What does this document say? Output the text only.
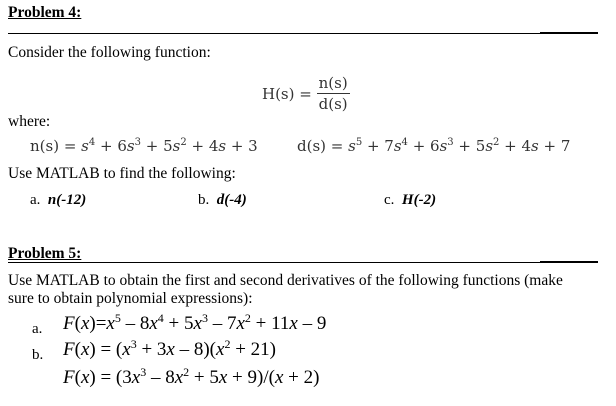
Problem 4:
Consider the following function:
$H(s) = \frac{n(s)}{d(s)}$
where:
$n(s) = s^4 + 6s^3 + 5s^2 + 4s + 3$	$d(s) = s^5 + 7s^4 + 6s^3 + 5s^2 + 4s + 7$
Use MATLAB to find the following:
a. n(-12)	b. d(-4)	c. H(-2)
Problem 5:
Use MATLAB to obtain the first and second derivatives of the following functions (make
sure to obtain polynomial expressions):
a. $F(x)=x^5 - 8x^4 + 5x^3 - 7x^2 + 11x - 9$
b. $F(x) = (x^3 + 3x - 8)(x^2 + 21)$
$F(x) = (3x^3 - 8x^2 + 5x + 9)/(x + 2)$
